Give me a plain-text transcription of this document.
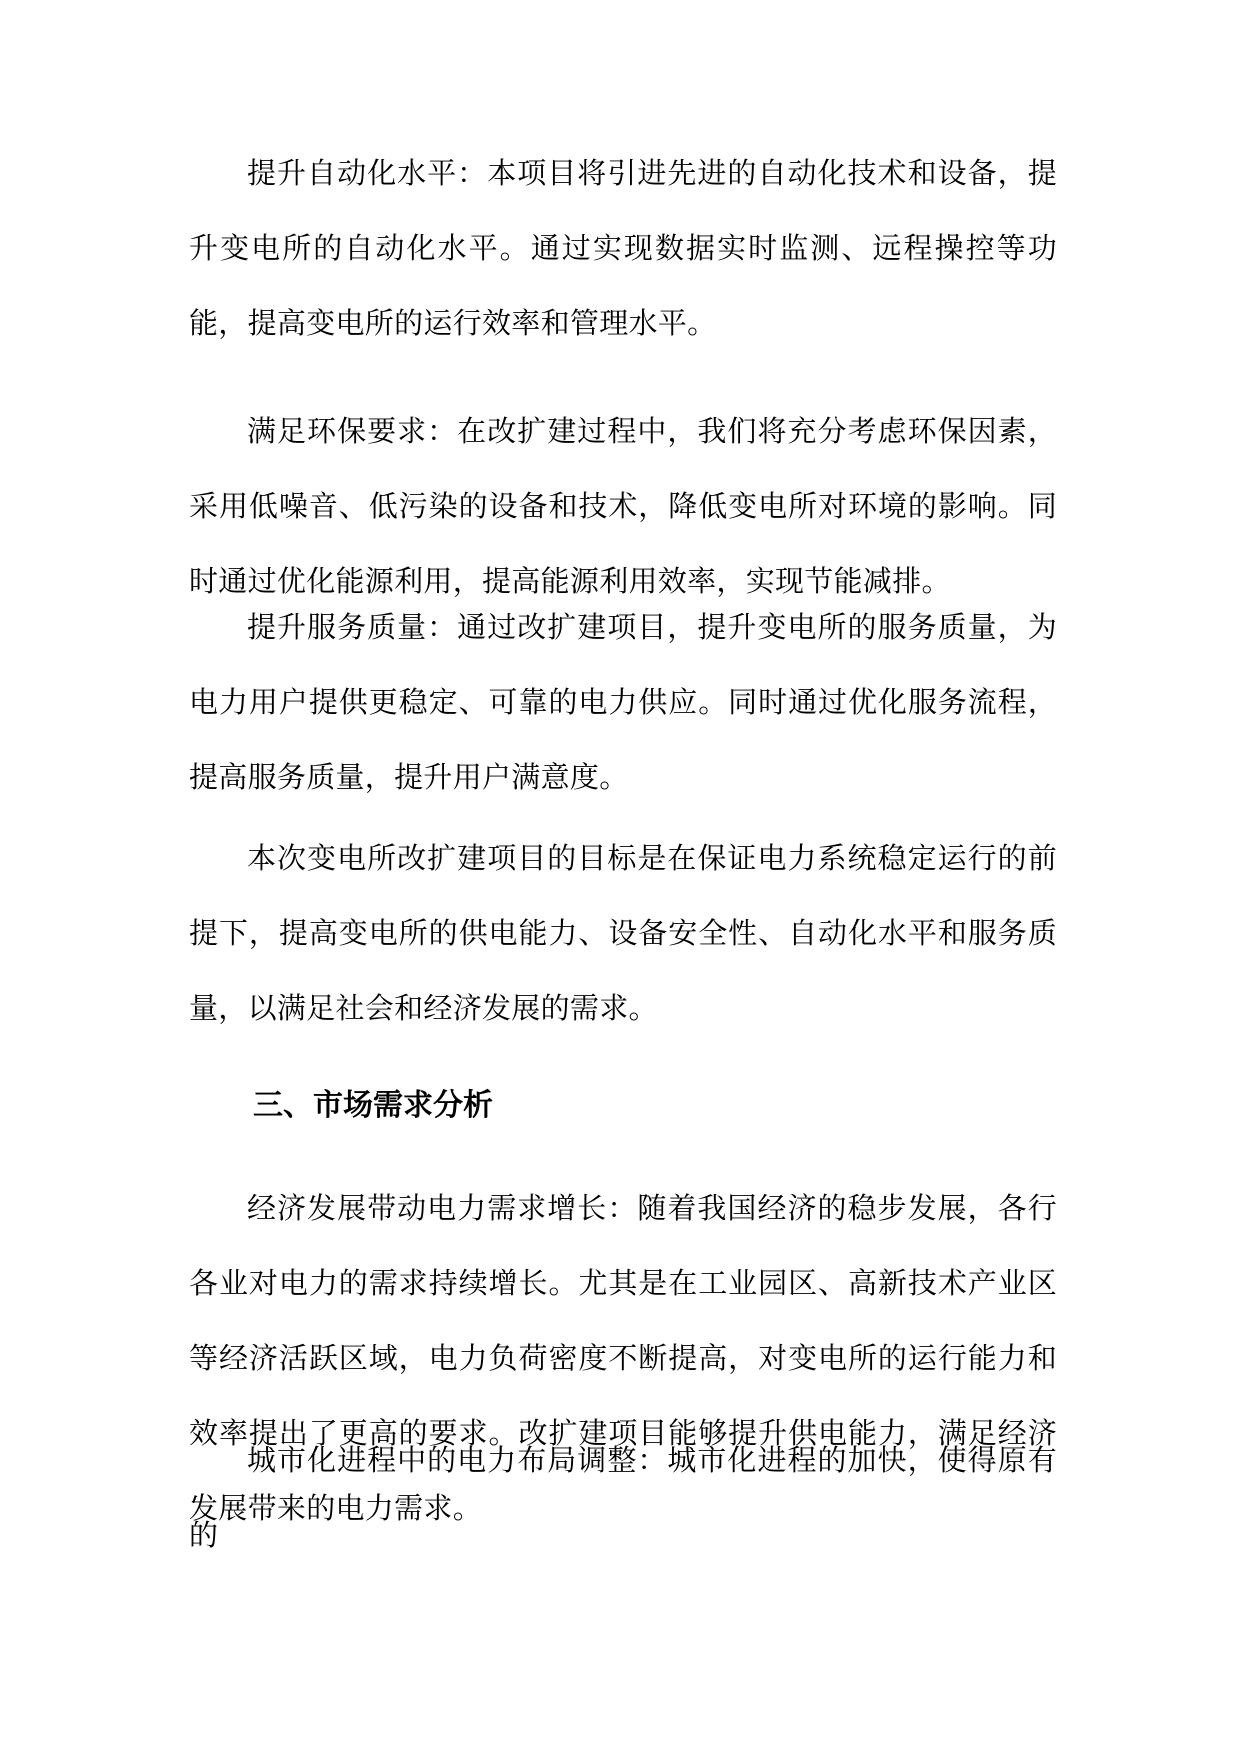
提升自动化水平：本项目将引进先进的自动化技术和设备，提升变电所的自动化水平。通过实现数据实时监测、远程操控等功能，提高变电所的运行效率和管理水平。

满足环保要求：在改扩建过程中，我们将充分考虑环保因素，采用低噪音、低污染的设备和技术，降低变电所对环境的影响。同时通过优化能源利用，提高能源利用效率，实现节能减排。

提升服务质量：通过改扩建项目，提升变电所的服务质量，为电力用户提供更稳定、可靠的电力供应。同时通过优化服务流程，提高服务质量，提升用户满意度。

本次变电所改扩建项目的目标是在保证电力系统稳定运行的前提下，提高变电所的供电能力、设备安全性、自动化水平和服务质量，以满足社会和经济发展的需求。

三、市场需求分析

经济发展带动电力需求增长：随着我国经济的稳步发展，各行各业对电力的需求持续增长。尤其是在工业园区、高新技术产业区等经济活跃区域，电力负荷密度不断提高，对变电所的运行能力和效率提出了更高的要求。改扩建项目能够提升供电能力，满足经济发展带来的电力需求。

城市化进程中的电力布局调整：城市化进程的加快，使得原有的
